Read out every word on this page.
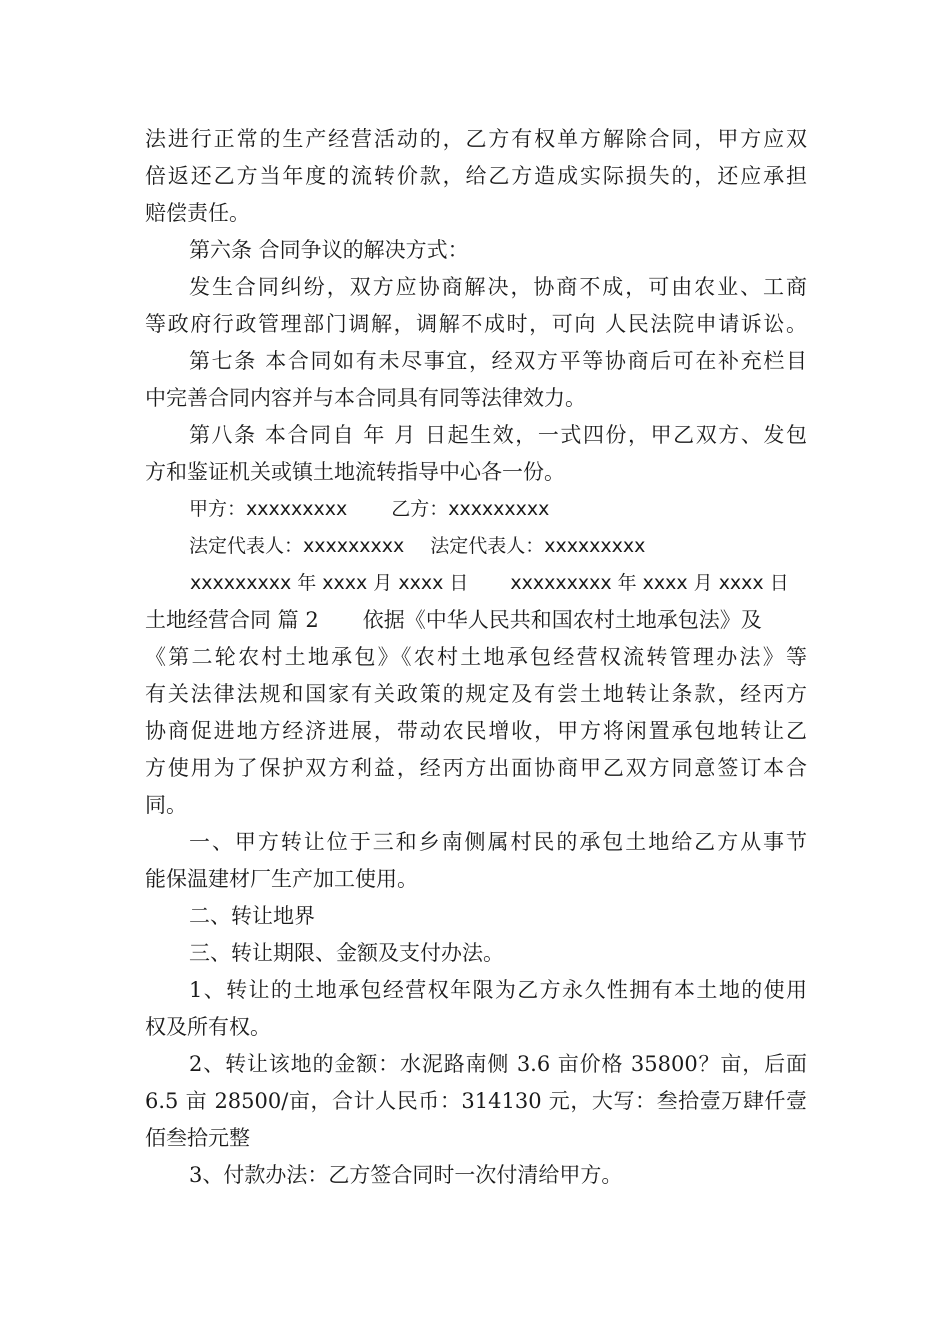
法进行正常的生产经营活动的，乙方有权单方解除合同，甲方应双
倍返还乙方当年度的流转价款，给乙方造成实际损失的，还应承担
赔偿责任。
第六条 合同争议的解决方式：
发生合同纠纷，双方应协商解决，协商不成，可由农业、工商
等政府行政管理部门调解，调解不成时，可向 人民法院申请诉讼。
第七条 本合同如有未尽事宜，经双方平等协商后可在补充栏目
中完善合同内容并与本合同具有同等法律效力。
第八条 本合同自 年 月 日起生效，一式四份，甲乙双方、发包
方和鉴证机关或镇土地流转指导中心各一份。
甲方：xxxxxxxxx 乙方：xxxxxxxxx
法定代表人：xxxxxxxxx 法定代表人：xxxxxxxxx
xxxxxxxxx 年 xxxx 月 xxxx 日 xxxxxxxxx 年 xxxx 月 xxxx 日
土地经营合同 篇 2 依据《中华人民共和国农村土地承包法》及
《第二轮农村土地承包》《农村土地承包经营权流转管理办法》等
有关法律法规和国家有关政策的规定及有尝土地转让条款，经丙方
协商促进地方经济进展，带动农民增收，甲方将闲置承包地转让乙
方使用为了保护双方利益，经丙方出面协商甲乙双方同意签订本合
同。
一、甲方转让位于三和乡南侧属村民的承包土地给乙方从事节
能保温建材厂生产加工使用。
二、转让地界
三、转让期限、金额及支付办法。
1、转让的土地承包经营权年限为乙方永久性拥有本土地的使用
权及所有权。
2、转让该地的金额：水泥路南侧 3.6 亩价格 35800？亩，后面
6.5 亩 28500/亩，合计人民币：314130 元，大写：叁拾壹万肆仟壹
佰叁拾元整
3、付款办法：乙方签合同时一次付清给甲方。
